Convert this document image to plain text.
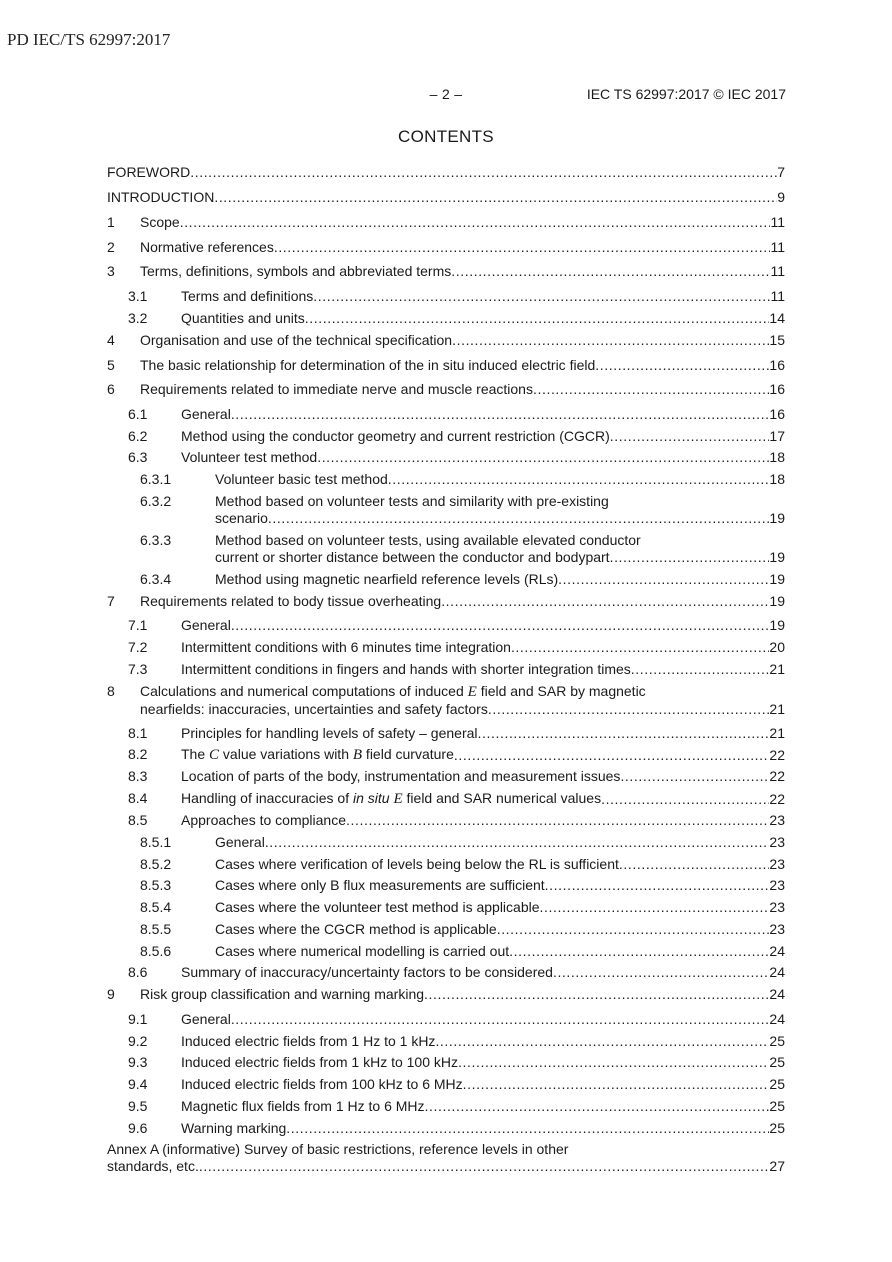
PD IEC/TS 62997:2017
– 2 –	IEC TS 62997:2017 © IEC 2017
CONTENTS
FOREWORD .....	7
INTRODUCTION .....	9
1 Scope .....	11
2 Normative references .....	11
3 Terms, definitions, symbols and abbreviated terms .....	11
3.1 Terms and definitions .....	11
3.2 Quantities and units .....	14
4 Organisation and use of the technical specification .....	15
5 The basic relationship for determination of the in situ induced electric field .....	16
6 Requirements related to immediate nerve and muscle reactions .....	16
6.1 General .....	16
6.2 Method using the conductor geometry and current restriction (CGCR) .....	17
6.3 Volunteer test method .....	18
6.3.1	Volunteer basic test method .....	18
6.3.2	Method based on volunteer tests and similarity with pre-existing
scenario .....	19
6.3.3	Method based on volunteer tests, using available elevated conductor
current or shorter distance between the conductor and bodypart .....	19
6.3.4	Method using magnetic nearfield reference levels (RLs) .....	19
7 Requirements related to body tissue overheating .....	19
7.1 General .....	19
7.2 Intermittent conditions with 6 minutes time integration .....	20
7.3 Intermittent conditions in fingers and hands with shorter integration times .....	21
8 Calculations and numerical computations of induced E field and SAR by magnetic
nearfields: inaccuracies, uncertainties and safety factors .....	21
8.1 Principles for handling levels of safety – general .....	21
8.2 The C value variations with B field curvature .....	22
8.3 Location of parts of the body, instrumentation and measurement issues .....	22
8.4 Handling of inaccuracies of in situ E field and SAR numerical values .....	22
8.5 Approaches to compliance .....	23
8.5.1	General .....	23
8.5.2	Cases where verification of levels being below the RL is sufficient .....	23
8.5.3	Cases where only B flux measurements are sufficient .....	23
8.5.4	Cases where the volunteer test method is applicable .....	23
8.5.5	Cases where the CGCR method is applicable .....	23
8.5.6	Cases where numerical modelling is carried out .....	24
8.6 Summary of inaccuracy/uncertainty factors to be considered .....	24
9 Risk group classification and warning marking .....	24
9.1 General .....	24
9.2 Induced electric fields from 1 Hz to 1 kHz .....	25
9.3 Induced electric fields from 1 kHz to 100 kHz .....	25
9.4 Induced electric fields from 100 kHz to 6 MHz .....	25
9.5 Magnetic flux fields from 1 Hz to 6 MHz .....	25
9.6 Warning marking .....	25
Annex A (informative) Survey of basic restrictions, reference levels in other
standards, etc. .....	27
